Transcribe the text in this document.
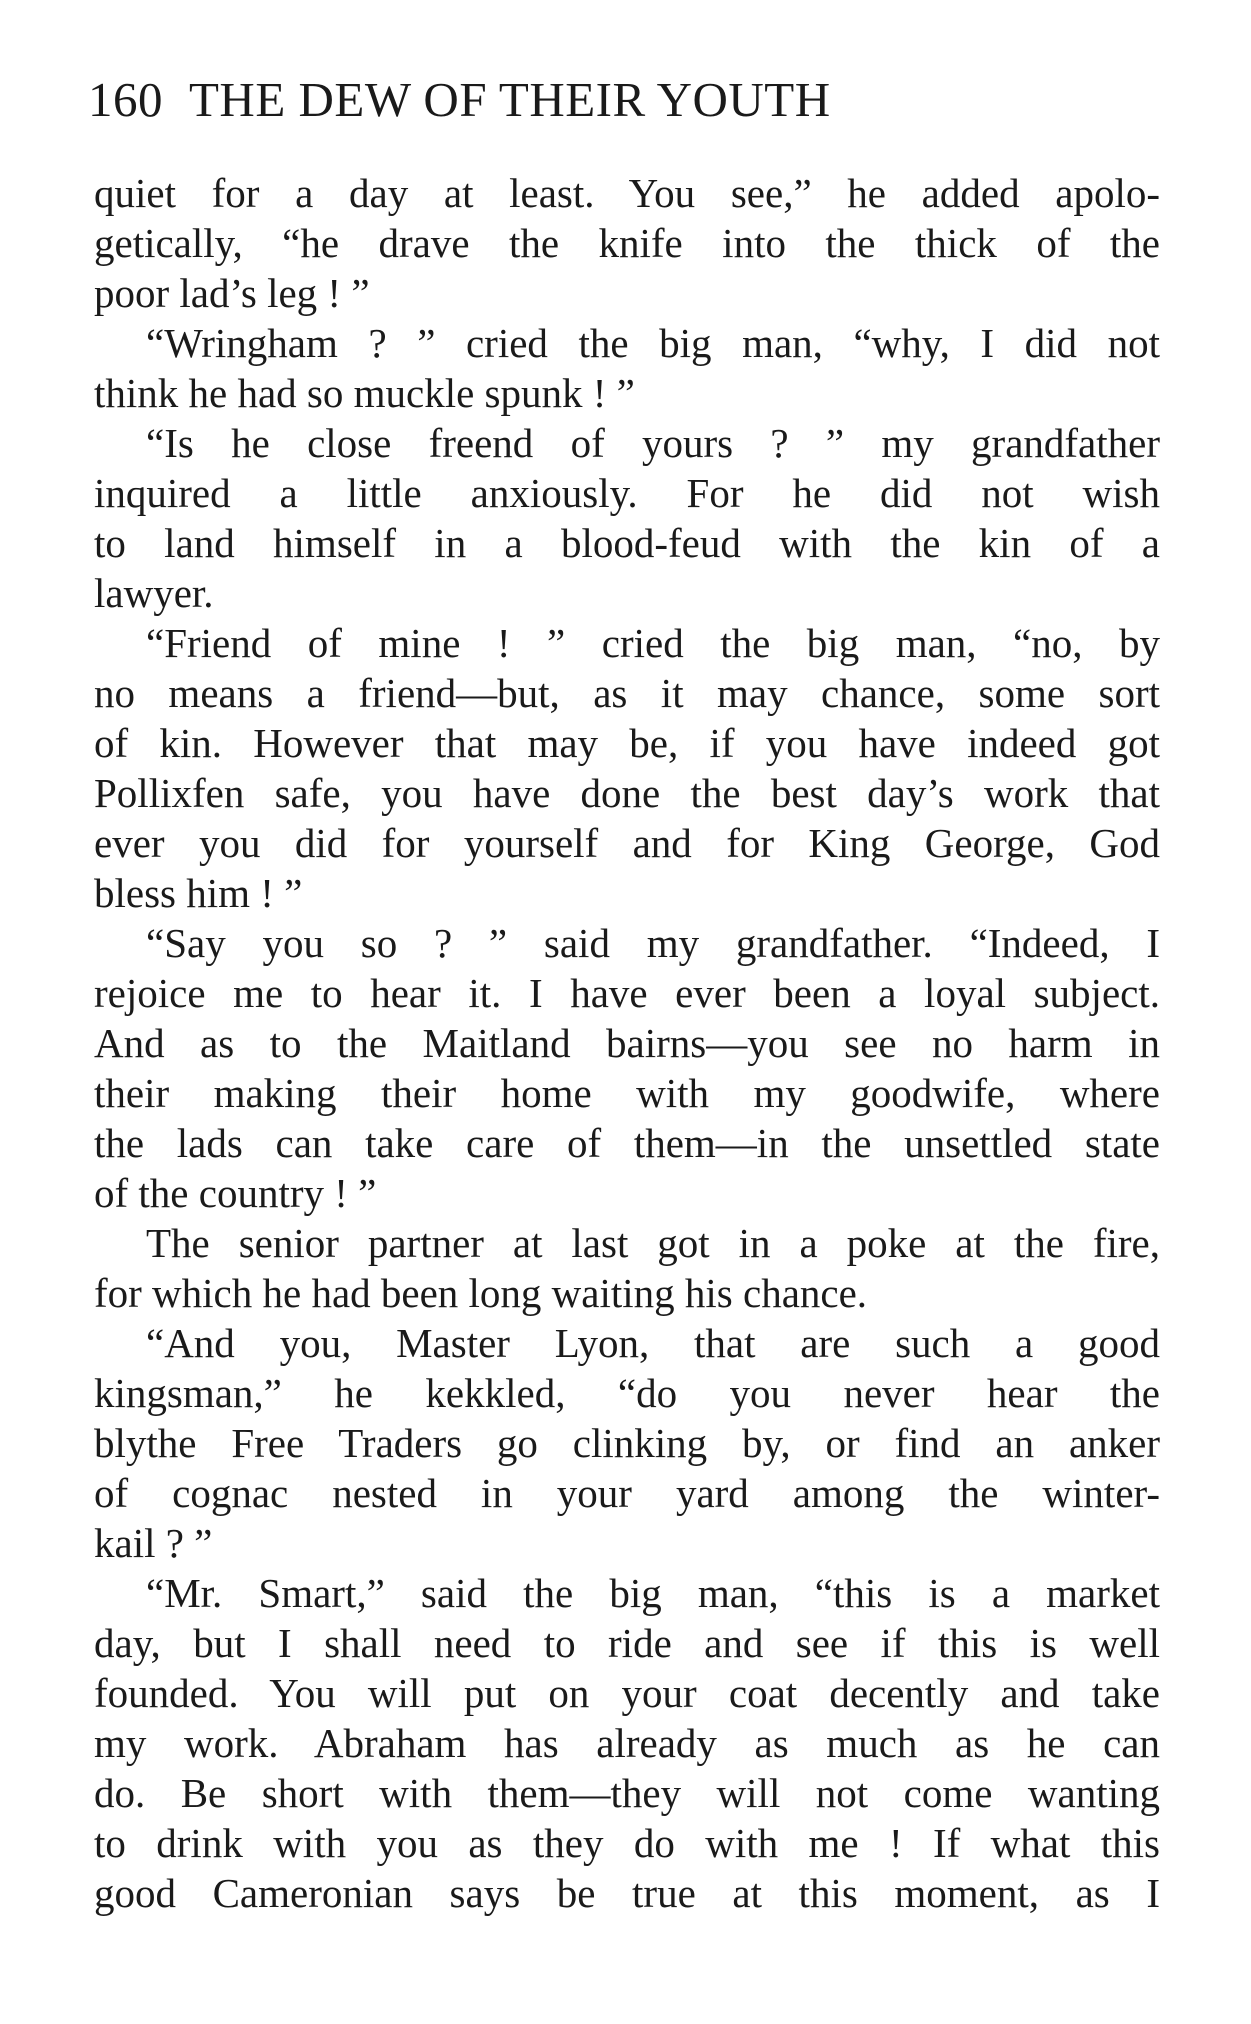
160 THE DEW OF THEIR YOUTH
quiet for a day at least. You see,” he added apolo-
getically, “he drave the knife into the thick of the
poor lad’s leg ! ”
“Wringham ? ” cried the big man, “why, I did not
think he had so muckle spunk ! ”
“Is he close freend of yours ? ” my grandfather
inquired a little anxiously. For he did not wish
to land himself in a blood-feud with the kin of a
lawyer.
“Friend of mine ! ” cried the big man, “no, by
no means a friend—but, as it may chance, some sort
of kin. However that may be, if you have indeed got
Pollixfen safe, you have done the best day’s work that
ever you did for yourself and for King George, God
bless him ! ”
“Say you so ? ” said my grandfather. “Indeed, I
rejoice me to hear it. I have ever been a loyal subject.
And as to the Maitland bairns—you see no harm in
their making their home with my goodwife, where
the lads can take care of them—in the unsettled state
of the country ! ”
The senior partner at last got in a poke at the fire,
for which he had been long waiting his chance.
“And you, Master Lyon, that are such a good
kingsman,” he kekkled, “do you never hear the
blythe Free Traders go clinking by, or find an anker
of cognac nested in your yard among the winter-
kail ? ”
“Mr. Smart,” said the big man, “this is a market
day, but I shall need to ride and see if this is well
founded. You will put on your coat decently and take
my work. Abraham has already as much as he can
do. Be short with them—they will not come wanting
to drink with you as they do with me ! If what this
good Cameronian says be true at this moment, as I
